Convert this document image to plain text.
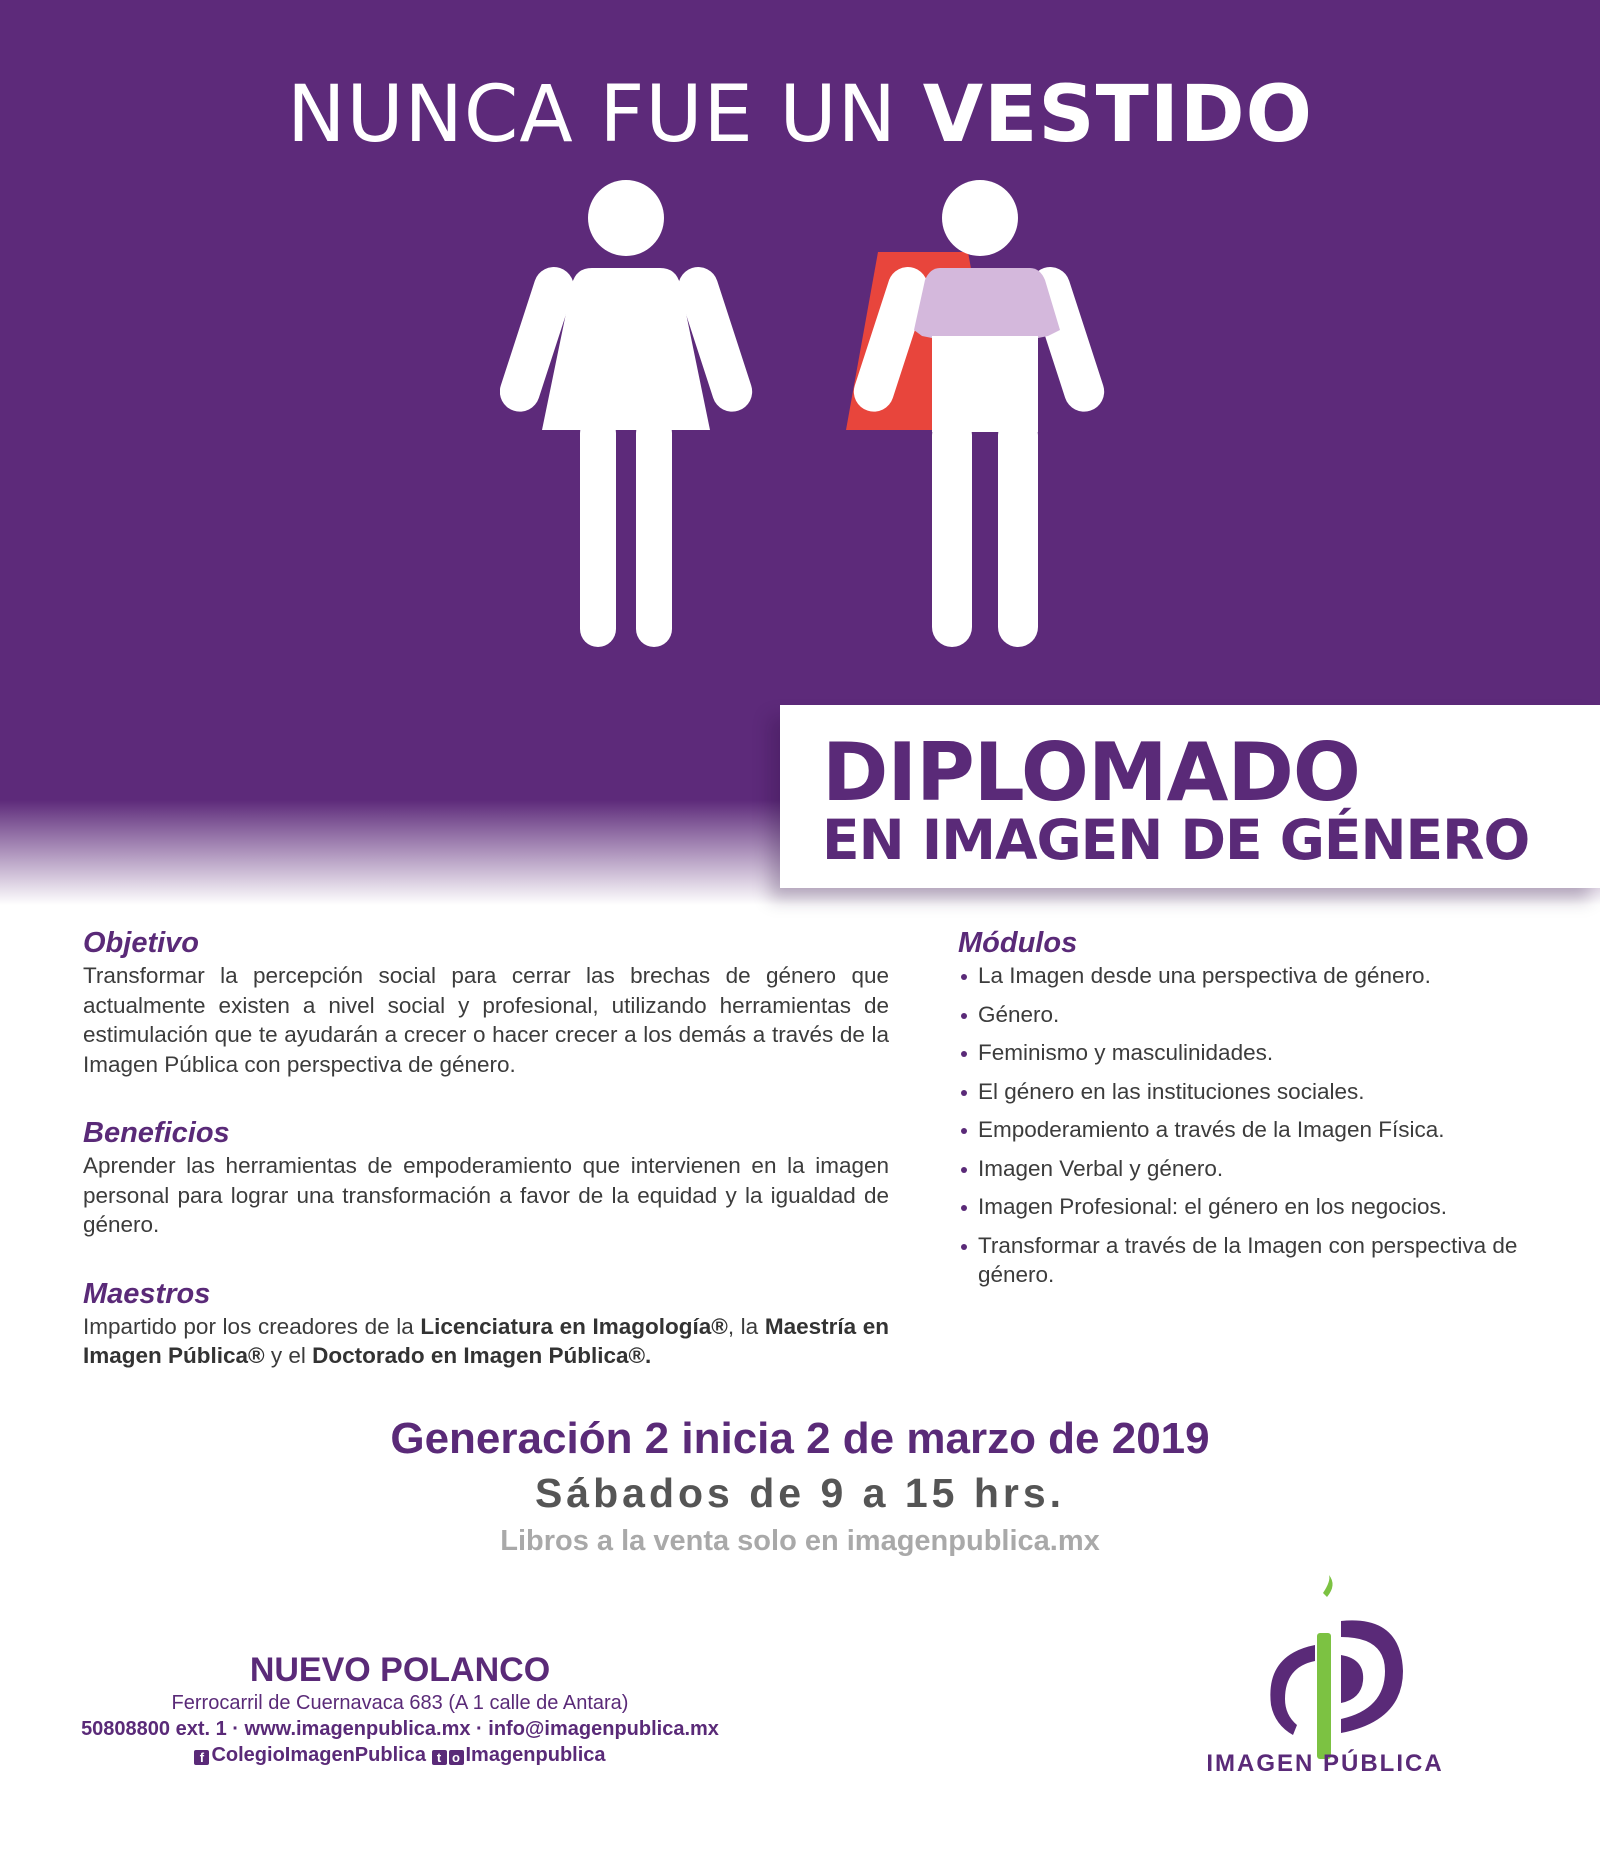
NUNCA FUE UN VESTIDO
DIPLOMADO
EN IMAGEN DE GÉNERO
Objetivo

Transformar la percepción social para cerrar las brechas de género que actualmente existen a nivel social y profesional, utilizando herramientas de estimulación que te ayudarán a crecer o hacer crecer a los demás a través de la Imagen Pública con perspectiva de género.

Beneficios

Aprender las herramientas de empoderamiento que intervienen en la imagen personal para lograr una transformación a favor de la equidad y la igualdad de género.

Maestros

Impartido por los creadores de la Licenciatura en Imagología®, la Maestría en Imagen Pública® y el Doctorado en Imagen Pública®.

Módulos
La Imagen desde una perspectiva de género.
Género.
Feminismo y masculinidades.
El género en las instituciones sociales.
Empoderamiento a través de la Imagen Física.
Imagen Verbal y género.
Imagen Profesional: el género en los negocios.
Transformar a través de la Imagen con perspectiva de género.
Generación 2 inicia 2 de marzo de 2019
Sábados de 9 a 15 hrs.
Libros a la venta solo en imagenpublica.mx
NUEVO POLANCO
Ferrocarril de Cuernavaca 683 (A 1 calle de Antara)
50808800 ext. 1 · www.imagenpublica.mx · info@imagenpublica.mx
f ColegioImagenPublica t o Imagenpublica	IMAGEN PÚBLICA
